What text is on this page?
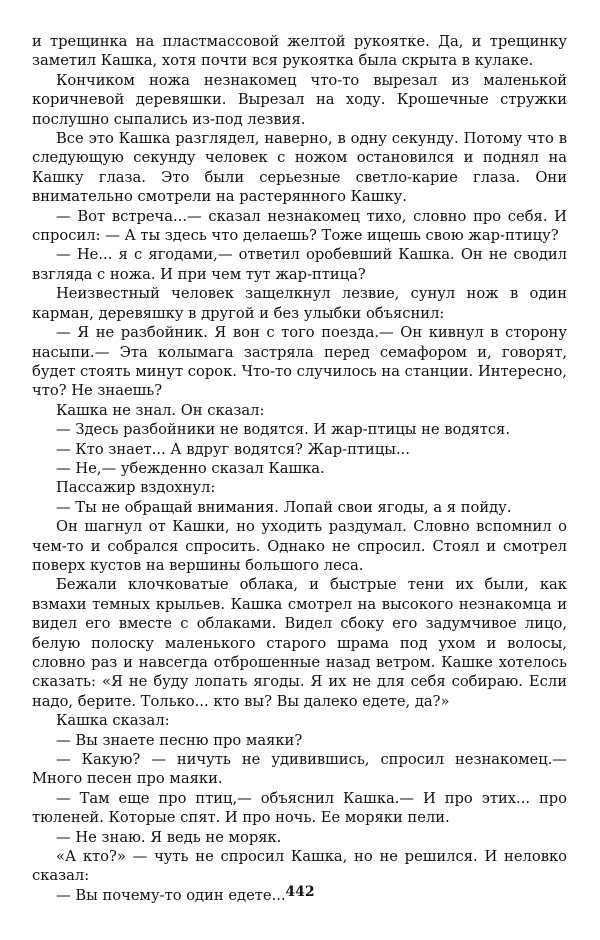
и трещинка на пластмассовой желтой рукоятке. Да, и трещинку заметил Кашка, хотя почти вся рукоятка была скрыта в кулаке.

Кончиком ножа незнакомец что-то вырезал из маленькой коричневой деревяшки. Вырезал на ходу. Крошечные стружки послушно сыпались из-под лезвия.

Все это Кашка разглядел, наверно, в одну секунду. Потому что в следующую секунду человек с ножом остановился и поднял на Кашку глаза. Это были серьезные светло-карие глаза. Они внимательно смотрели на растерянного Кашку.

— Вот встреча...— сказал незнакомец тихо, словно про себя. И спросил: — А ты здесь что делаешь? Тоже ищешь свою жар-птицу?

— Не... я с ягодами,— ответил оробевший Кашка. Он не сводил взгляда с ножа. И при чем тут жар-птица?

Неизвестный человек защелкнул лезвие, сунул нож в один карман, деревяшку в другой и без улыбки объяснил:

— Я не разбойник. Я вон с того поезда.— Он кивнул в сторону насыпи.— Эта колымага застряла перед семафором и, говорят, будет стоять минут сорок. Что-то случилось на станции. Интересно, что? Не знаешь?

Кашка не знал. Он сказал:

— Здесь разбойники не водятся. И жар-птицы не водятся.

— Кто знает... А вдруг водятся? Жар-птицы...

— Не,— убежденно сказал Кашка.

Пассажир вздохнул:

— Ты не обращай внимания. Лопай свои ягоды, а я пойду.

Он шагнул от Кашки, но уходить раздумал. Словно вспомнил о чем-то и собрался спросить. Однако не спросил. Стоял и смотрел поверх кустов на вершины большого леса.

Бежали клочковатые облака, и быстрые тени их были, как взмахи темных крыльев. Кашка смотрел на высокого незнакомца и видел его вместе с облаками. Видел сбоку его задумчивое лицо, белую полоску маленького старого шрама под ухом и волосы, словно раз и навсегда отброшенные назад ветром. Кашке хотелось сказать: «Я не буду лопать ягоды. Я их не для себя собираю. Если надо, берите. Только... кто вы? Вы далеко едете, да?»

Кашка сказал:

— Вы знаете песню про маяки?

— Какую? — ничуть не удивившись, спросил незнакомец.— Много песен про маяки.

— Там еще про птиц,— объяснил Кашка.— И про этих... про тюленей. Которые спят. И про ночь. Ее моряки пели.

— Не знаю. Я ведь не моряк.

«А кто?» — чуть не спросил Кашка, но не решился. И неловко сказал:

— Вы почему-то один едете... 442
